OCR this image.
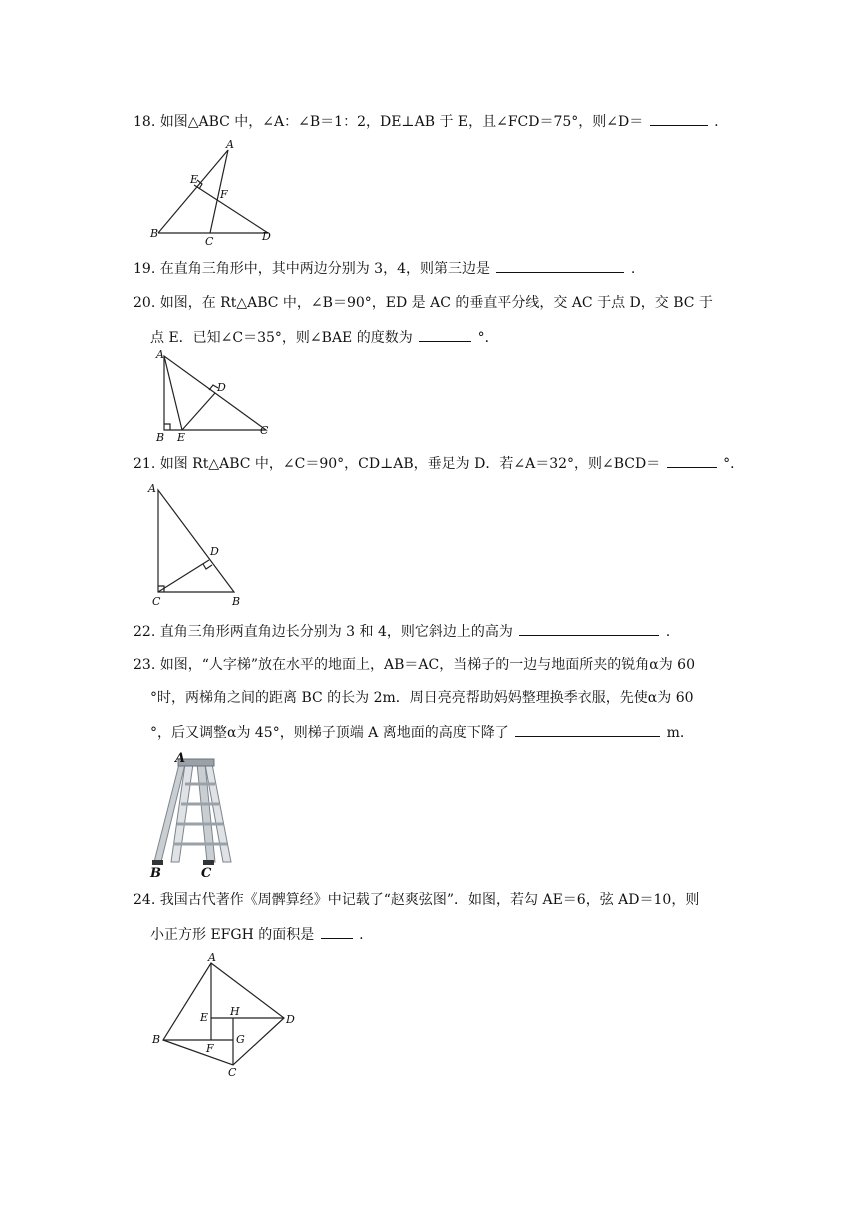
18. 如图△ABC 中，∠A：∠B＝1：2，DE⊥AB 于 E，且∠FCD＝75°，则∠D＝	.
A
E
F
B
C	D
19. 在直角三角形中，其中两边分别为 3，4，则第三边是	.
20. 如图，在 Rt△ABC 中，∠B＝90°，ED 是 AC 的垂直平分线，交 AC 于点 D，交 BC 于
点 E．已知∠C＝35°，则∠BAE 的度数为	°．
A
D
B E
C
21. 如图 Rt△ABC 中，∠C＝90°，CD⊥AB，垂足为 D．若∠A＝32°，则∠BCD＝	°．
A
D
C	B
22. 直角三角形两直角边长分别为 3 和 4，则它斜边上的高为	.
23. 如图，“人字梯”放在水平的地面上，AB＝AC，当梯子的一边与地面所夹的锐角α为 60
°时，两梯角之间的距离 BC 的长为 2m．周日亮亮帮助妈妈整理换季衣服，先使α为 60
°，后又调整α为 45°，则梯子顶端 A 离地面的高度下降了	m.
A
B	C
24. 我国古代著作《周髀算经》中记载了“赵爽弦图”．如图，若勾 AE＝6，弦 AD＝10，则
小正方形 EFGH 的面积是	.
A
E H
D
B
F
G
C
